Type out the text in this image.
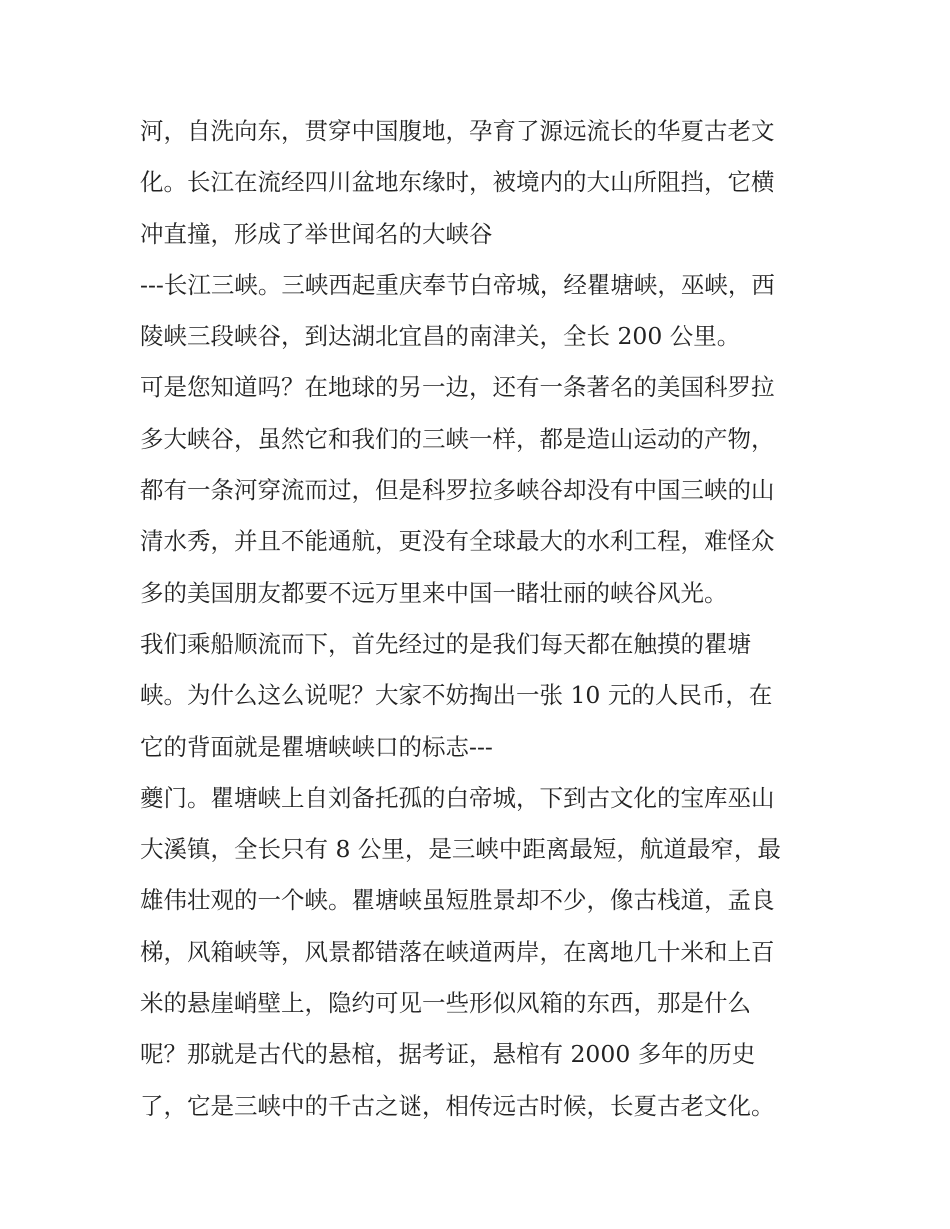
河，自洗向东，贯穿中国腹地，孕育了源远流长的华夏古老文
化。长江在流经四川盆地东缘时，被境内的大山所阻挡，它横
冲直撞，形成了举世闻名的大峡谷
---长江三峡。三峡西起重庆奉节白帝城，经瞿塘峡，巫峡，西
陵峡三段峡谷，到达湖北宜昌的南津关，全长 200 公里。
可是您知道吗？在地球的另一边，还有一条著名的美国科罗拉
多大峡谷，虽然它和我们的三峡一样，都是造山运动的产物，
都有一条河穿流而过，但是科罗拉多峡谷却没有中国三峡的山
清水秀，并且不能通航，更没有全球最大的水利工程，难怪众
多的美国朋友都要不远万里来中国一睹壮丽的峡谷风光。
我们乘船顺流而下，首先经过的是我们每天都在触摸的瞿塘
峡。为什么这么说呢？大家不妨掏出一张 10 元的人民币，在
它的背面就是瞿塘峡峡口的标志---
夔门。瞿塘峡上自刘备托孤的白帝城，下到古文化的宝库巫山
大溪镇，全长只有 8 公里，是三峡中距离最短，航道最窄，最
雄伟壮观的一个峡。瞿塘峡虽短胜景却不少，像古栈道，孟良
梯，风箱峡等，风景都错落在峡道两岸，在离地几十米和上百
米的悬崖峭壁上，隐约可见一些形似风箱的东西，那是什么
呢？那就是古代的悬棺，据考证，悬棺有 2000 多年的历史
了，它是三峡中的千古之谜，相传远古时候，长夏古老文化。
